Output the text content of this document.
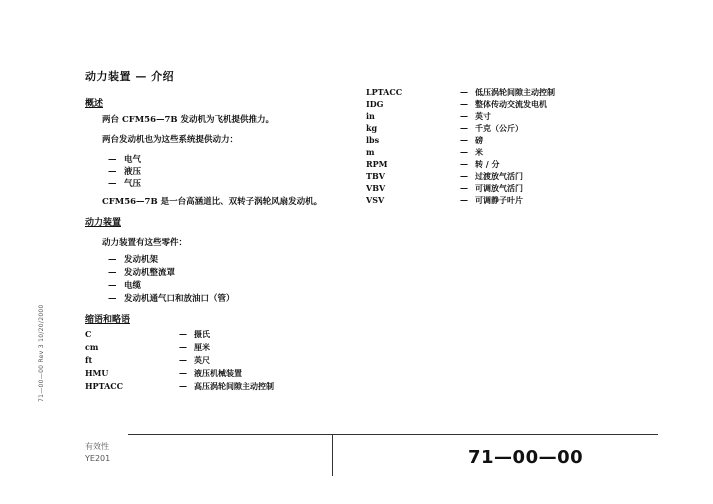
动力装置 — 介绍
概述
两台 CFM56—7B 发动机为飞机提供推力。
两台发动机也为这些系统提供动力：
— 电气
— 液压
— 气压
CFM56—7B 是一台高涵道比、双转子涡轮风扇发动机。
动力装置
动力装置有这些零件：
— 发动机架
— 发动机整流罩
— 电缆
— 发动机通气口和放油口（管）
缩语和略语
C	— 摄氏
cm	— 厘米
ft	— 英尺
HMU	— 液压机械装置
HPTACC	— 高压涡轮间隙主动控制
LPTACC	— 低压涡轮间隙主动控制
IDG	— 整体传动交流发电机
in	— 英寸
kg	— 千克（公斤）
lbs	— 磅
m	— 米
RPM	— 转 / 分
TBV	— 过渡放气活门
VBV	— 可调放气活门
VSV	— 可调静子叶片
71—00—00 Rev 3 10/20/2000
有效性
YE201	71—00—00
